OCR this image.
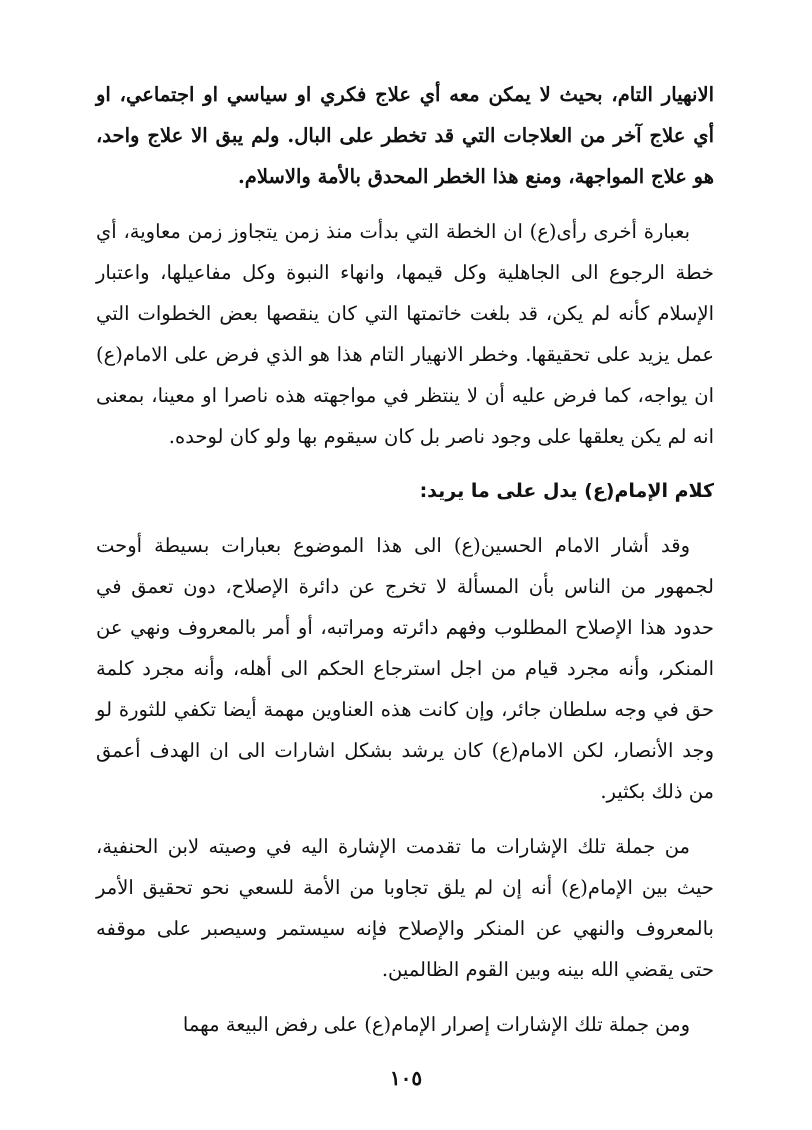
الانهيار التام، بحيث لا يمكن معه أي علاج فكري او سياسي او اجتماعي، او أي علاج آخر من العلاجات التي قد تخطر على البال. ولم يبق الا علاج واحد، هو علاج المواجهة، ومنع هذا الخطر المحدق بالأمة والاسلام.

بعبارة أخرى رأى(ع) ان الخطة التي بدأت منذ زمن يتجاوز زمن معاوية، أي خطة الرجوع الى الجاهلية وكل قيمها، وانهاء النبوة وكل مفاعيلها، واعتبار الإسلام كأنه لم يكن، قد بلغت خاتمتها التي كان ينقصها بعض الخطوات التي عمل يزيد على تحقيقها. وخطر الانهيار التام هذا هو الذي فرض على الامام(ع) ان يواجه، كما فرض عليه أن لا ينتظر في مواجهته هذه ناصرا او معينا، بمعنى انه لم يكن يعلقها على وجود ناصر بل كان سيقوم بها ولو كان لوحده.

كلام الإمام(ع) يدل على ما يريد:

وقد أشار الامام الحسين(ع) الى هذا الموضوع بعبارات بسيطة أوحت لجمهور من الناس بأن المسألة لا تخرج عن دائرة الإصلاح، دون تعمق في حدود هذا الإصلاح المطلوب وفهم دائرته ومراتبه، أو أمر بالمعروف ونهي عن المنكر، وأنه مجرد قيام من اجل استرجاع الحكم الى أهله، وأنه مجرد كلمة حق في وجه سلطان جائر، وإن كانت هذه العناوين مهمة أيضا تكفي للثورة لو وجد الأنصار، لكن الامام(ع) كان يرشد بشكل اشارات الى ان الهدف أعمق من ذلك بكثير.

من جملة تلك الإشارات ما تقدمت الإشارة اليه في وصيته لابن الحنفية، حيث بين الإمام(ع) أنه إن لم يلق تجاوبا من الأمة للسعي نحو تحقيق الأمر بالمعروف والنهي عن المنكر والإصلاح فإنه سيستمر وسيصبر على موقفه حتى يقضي الله بينه وبين القوم الظالمين.

ومن جملة تلك الإشارات إصرار الإمام(ع) على رفض البيعة مهما

١٠٥
